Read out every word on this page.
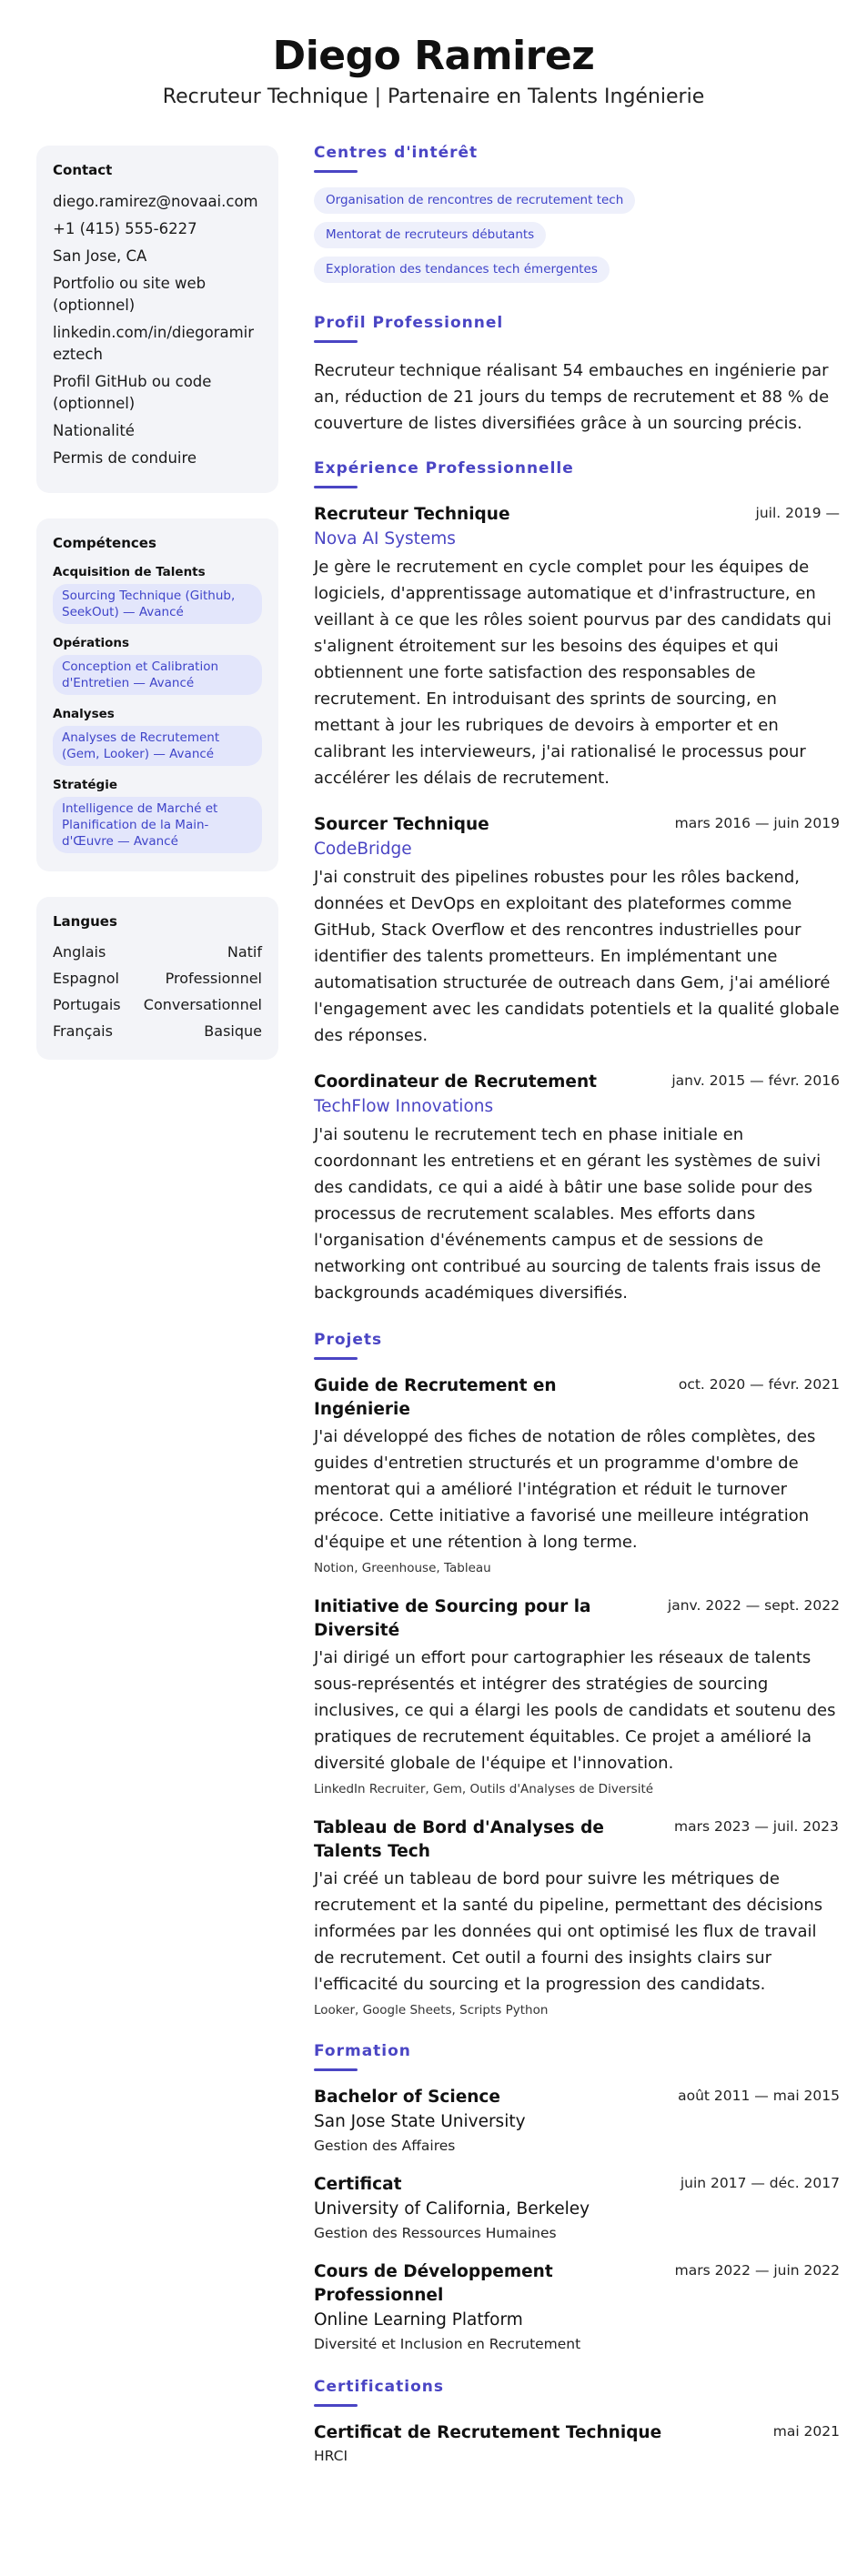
Diego Ramirez
Recruteur Technique | Partenaire en Talents Ingénierie
Contact
diego.ramirez@novaai.com
+1 (415) 555-6227
San Jose, CA
Portfolio ou site web (optionnel)
linkedin.com/in/diegoramireztech
Profil GitHub ou code (optionnel)
Nationalité
Permis de conduire
Compétences
Acquisition de Talents
Sourcing Technique (Github, SeekOut) — Avancé
Opérations
Conception et Calibration d'Entretien — Avancé
Analyses
Analyses de Recrutement (Gem, Looker) — Avancé
Stratégie
Intelligence de Marché et Planification de la Main-d'Œuvre — Avancé
Langues
Anglais	Natif
Espagnol	Professionnel
Portugais Conversationnel
Français	Basique
Centres d'intérêt
Organisation de rencontres de recrutement tech
Mentorat de recruteurs débutants
Exploration des tendances tech émergentes
Profil Professionnel

Recruteur technique réalisant 54 embauches en ingénierie par an, réduction de 21 jours du temps de recrutement et 88 % de couverture de listes diversifiées grâce à un sourcing précis.

Expérience Professionnelle
Recruteur Technique	juil. 2019 —
Nova AI Systems

Je gère le recrutement en cycle complet pour les équipes de logiciels, d'apprentissage automatique et d'infrastructure, en veillant à ce que les rôles soient pourvus par des candidats qui s'alignent étroitement sur les besoins des équipes et qui obtiennent une forte satisfaction des responsables de recrutement. En introduisant des sprints de sourcing, en mettant à jour les rubriques de devoirs à emporter et en calibrant les intervieweurs, j'ai rationalisé le processus pour accélérer les délais de recrutement.

Sourcer Technique	mars 2016 — juin 2019
CodeBridge

J'ai construit des pipelines robustes pour les rôles backend, données et DevOps en exploitant des plateformes comme GitHub, Stack Overflow et des rencontres industrielles pour identifier des talents prometteurs. En implémentant une automatisation structurée de outreach dans Gem, j'ai amélioré l'engagement avec les candidats potentiels et la qualité globale des réponses.

Coordinateur de Recrutement	janv. 2015 — févr. 2016
TechFlow Innovations

J'ai soutenu le recrutement tech en phase initiale en coordonnant les entretiens et en gérant les systèmes de suivi des candidats, ce qui a aidé à bâtir une base solide pour des processus de recrutement scalables. Mes efforts dans l'organisation d'événements campus et de sessions de networking ont contribué au sourcing de talents frais issus de backgrounds académiques diversifiés.

Projets
Guide de Recrutement en Ingénierie
oct. 2020 — févr. 2021

J'ai développé des fiches de notation de rôles complètes, des guides d'entretien structurés et un programme d'ombre de mentorat qui a amélioré l'intégration et réduit le turnover précoce. Cette initiative a favorisé une meilleure intégration d'équipe et une rétention à long terme.

Notion, Greenhouse, Tableau
Initiative de Sourcing pour la Diversité
janv. 2022 — sept. 2022

J'ai dirigé un effort pour cartographier les réseaux de talents sous-représentés et intégrer des stratégies de sourcing inclusives, ce qui a élargi les pools de candidats et soutenu des pratiques de recrutement équitables. Ce projet a amélioré la diversité globale de l'équipe et l'innovation.

LinkedIn Recruiter, Gem, Outils d'Analyses de Diversité
Tableau de Bord d'Analyses de Talents Tech
mars 2023 — juil. 2023

J'ai créé un tableau de bord pour suivre les métriques de recrutement et la santé du pipeline, permettant des décisions informées par les données qui ont optimisé les flux de travail de recrutement. Cet outil a fourni des insights clairs sur l'efficacité du sourcing et la progression des candidats.

Looker, Google Sheets, Scripts Python
Formation
Bachelor of Science	août 2011 — mai 2015
San Jose State University
Gestion des Affaires
Certificat	juin 2017 — déc. 2017
University of California, Berkeley
Gestion des Ressources Humaines
Cours de Développement Professionnel
mars 2022 — juin 2022
Online Learning Platform
Diversité et Inclusion en Recrutement
Certifications
Certificat de Recrutement Technique	mai 2021
HRCI
